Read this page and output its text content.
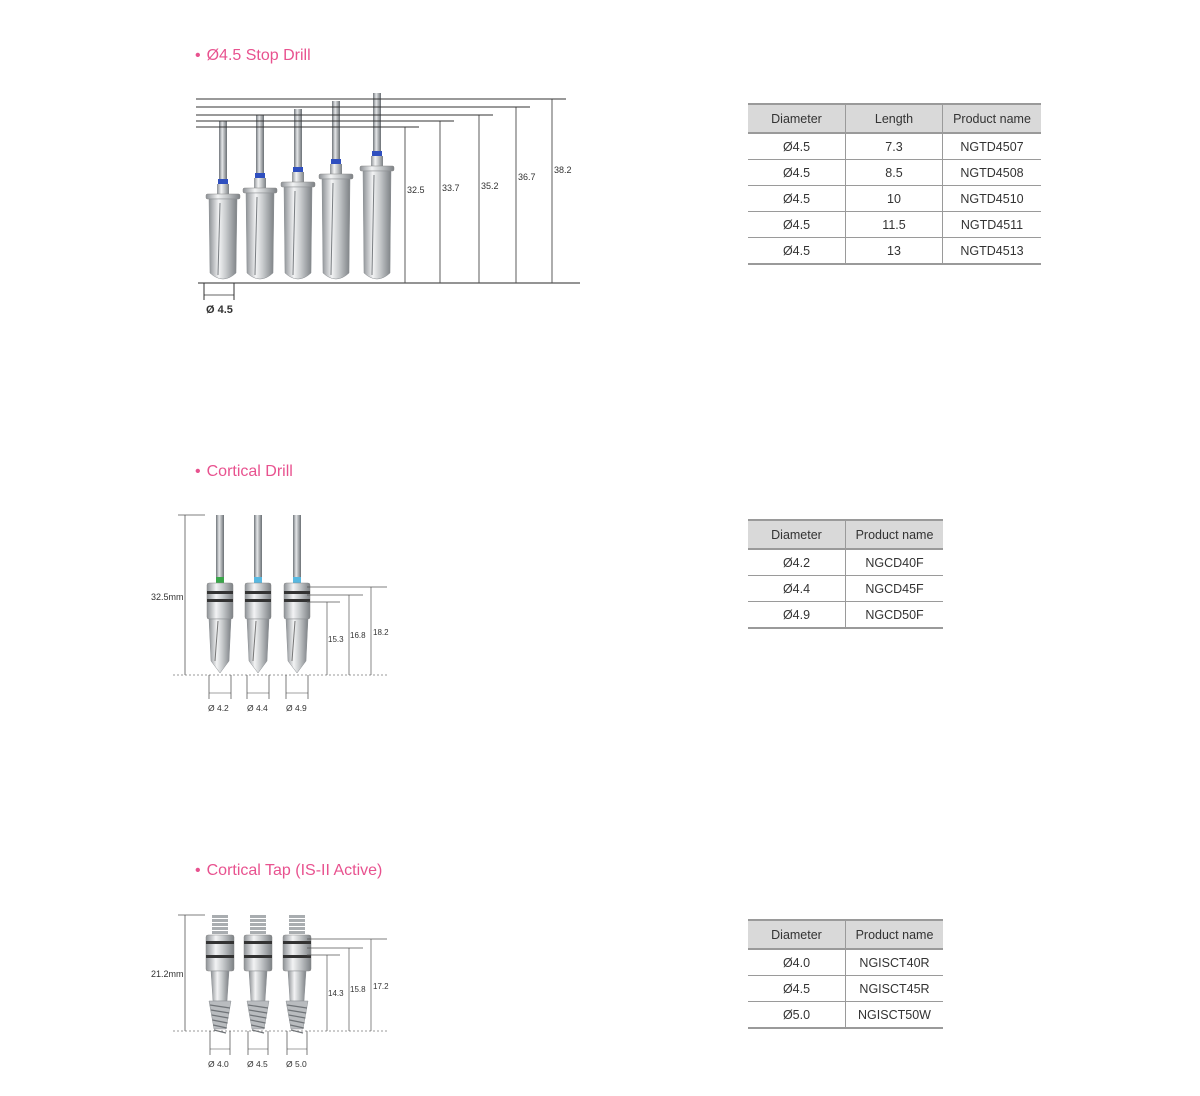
• Ø4.5 Stop Drill
32.5 33.7 35.2
36.7
38.2
Ø 4.5
Diameter	Length	Product name
Ø4.5	7.3	NGTD4507
Ø4.5	8.5	NGTD4508
Ø4.5	10	NGTD4510
Ø4.5	11.5	NGTD4511
Ø4.5	13	NGTD4513
• Cortical Drill
32.5mm
15.3 16.8 18.2
Ø 4.2 Ø 4.4 Ø 4.9
Diameter	Product name
Ø4.2	NGCD40F
Ø4.4	NGCD45F
Ø4.9	NGCD50F
• Cortical Tap (IS-II Active)
21.2mm
14.3 15.8 17.2
Ø 4.0 Ø 4.5 Ø 5.0
Diameter	Product name
Ø4.0	NGISCT40R
Ø4.5	NGISCT45R
Ø5.0	NGISCT50W
